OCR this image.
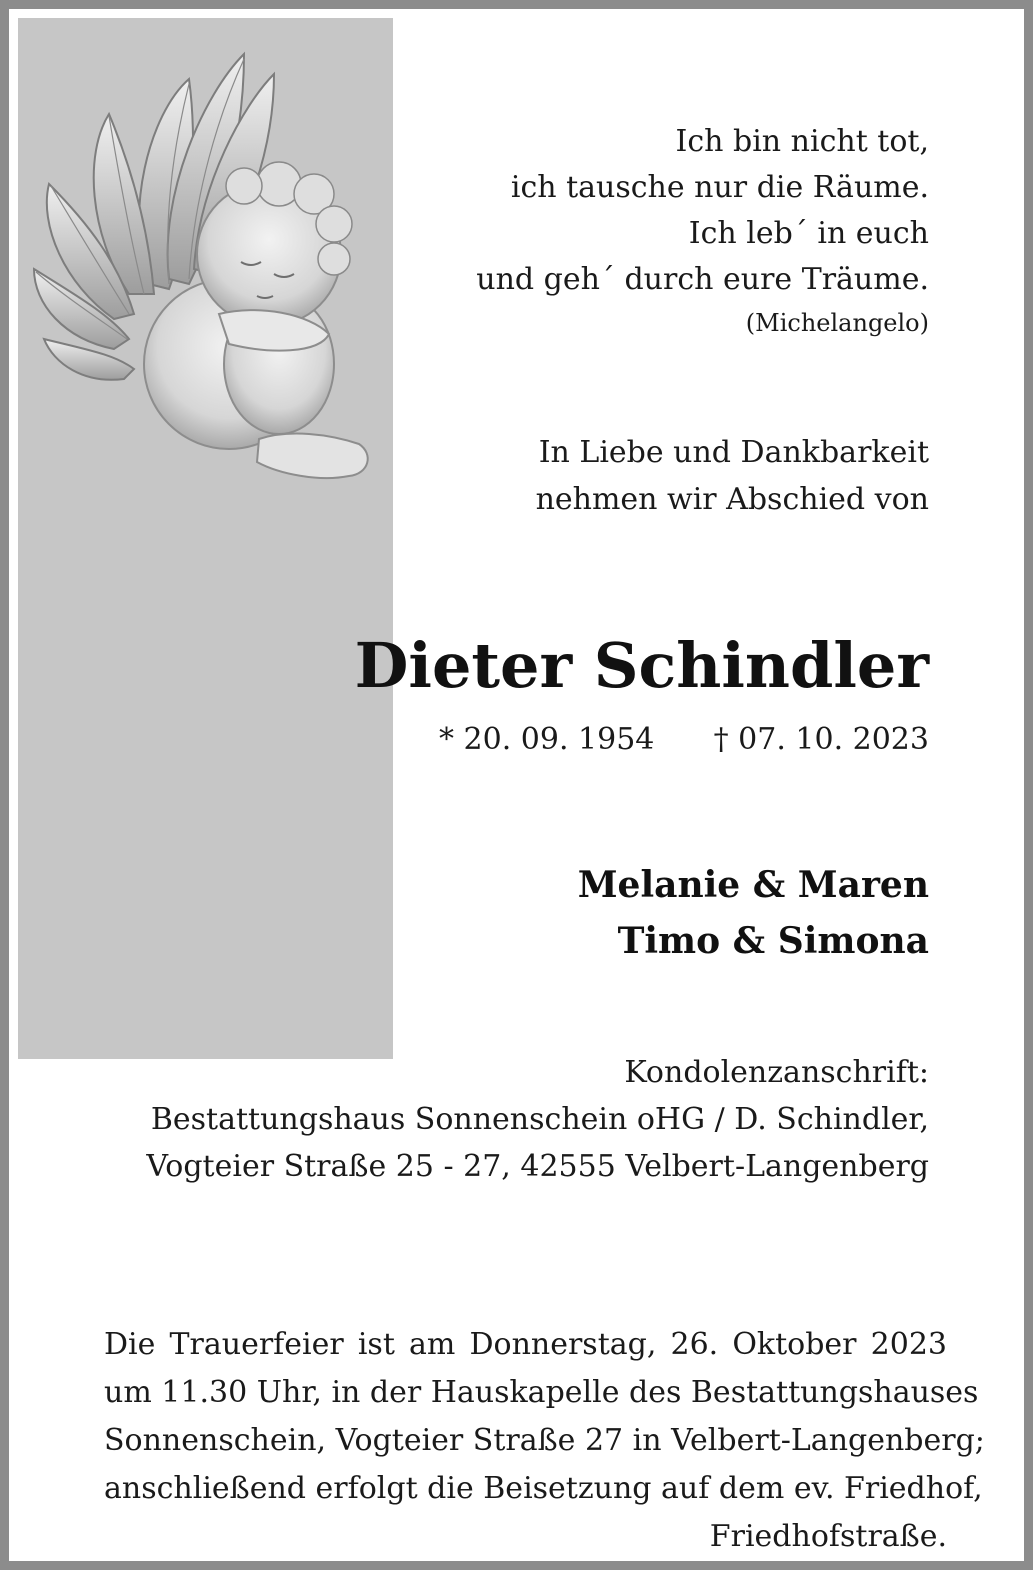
Ich bin nicht tot,
ich tausche nur die Räume.
Ich leb´ in euch
und geh´ durch eure Träume.
(Michelangelo)
In Liebe und Dankbarkeit
nehmen wir Abschied von
Dieter Schindler
* 20. 09. 1954 † 07. 10. 2023
Melanie & Maren
Timo & Simona
Kondolenzanschrift:
Bestattungshaus Sonnenschein oHG / D. Schindler,
Vogteier Straße 25 - 27, 42555 Velbert-Langenberg
Die Trauerfeier ist am Donnerstag, 26. Oktober 2023
um 11.30 Uhr, in der Hauskapelle des Bestattungshauses
Sonnenschein, Vogteier Straße 27 in Velbert-Langenberg;
anschließend erfolgt die Beisetzung auf dem ev. Friedhof,
Friedhofstraße.
